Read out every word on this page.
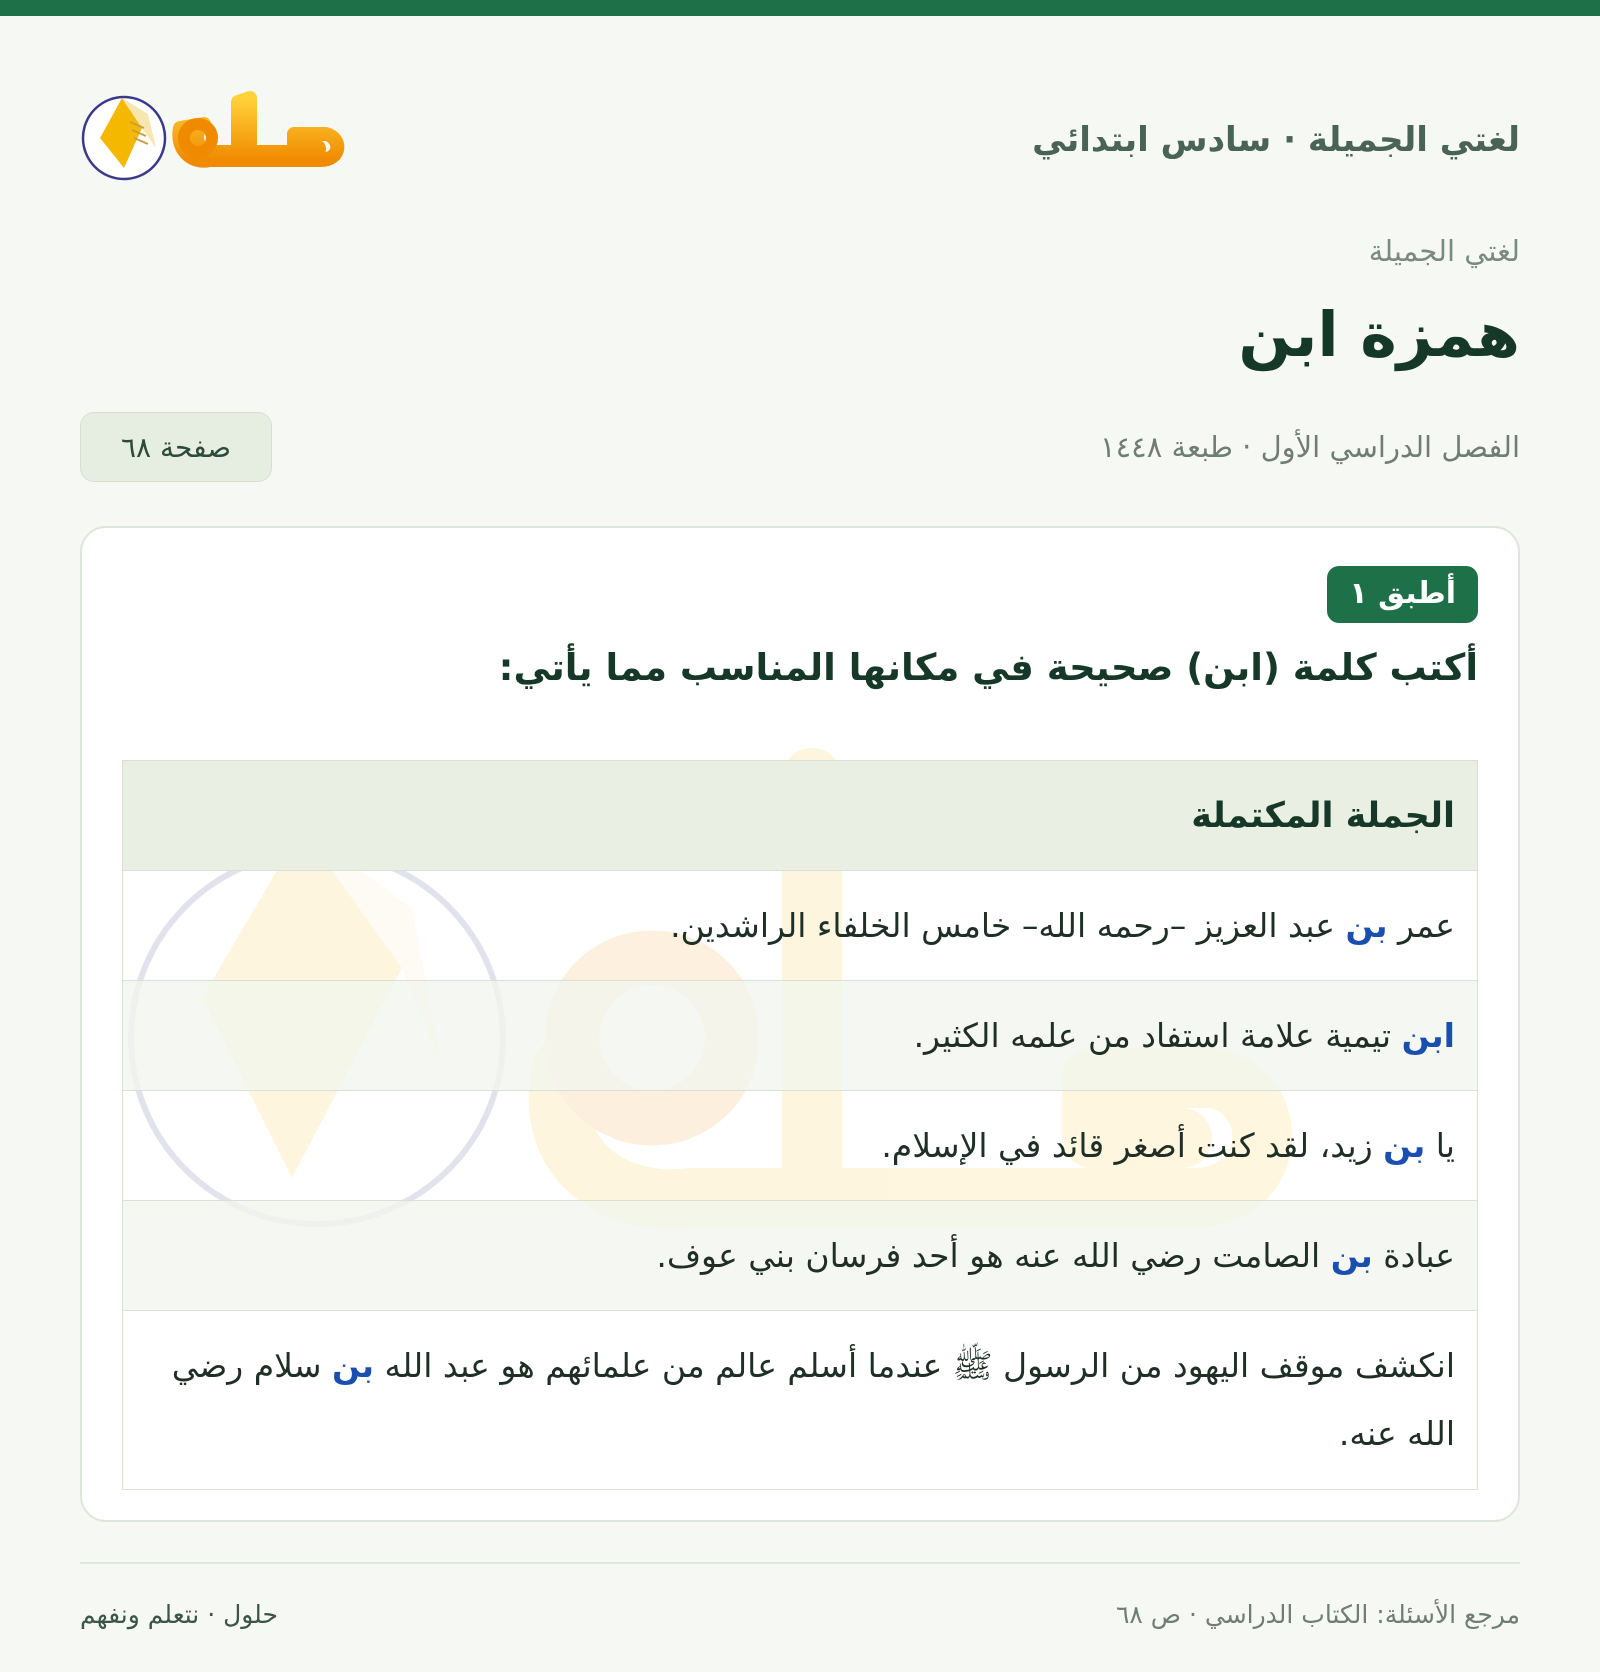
لغتي الجميلة · سادس ابتدائي
لغتي الجميلة
همزة ابن
الفصل الدراسي الأول · طبعة ١٤٤٨
صفحة ٦٨
أطبق ١
أكتب كلمة (ابن) صحيحة في مكانها المناسب مما يأتي:
الجملة المكتملة
عمر بن عبد العزيز –رحمه الله– خامس الخلفاء الراشدين.
ابن تيمية علامة استفاد من علمه الكثير.
يا بن زيد، لقد كنت أصغر قائد في الإسلام.
عبادة بن الصامت رضي الله عنه هو أحد فرسان بني عوف.
انكشف موقف اليهود من الرسول ﷺ عندما أسلم عالم من علمائهم هو عبد الله بن سلام رضي الله عنه.
مرجع الأسئلة: الكتاب الدراسي · ص ٦٨
حلول · نتعلم ونفهم
